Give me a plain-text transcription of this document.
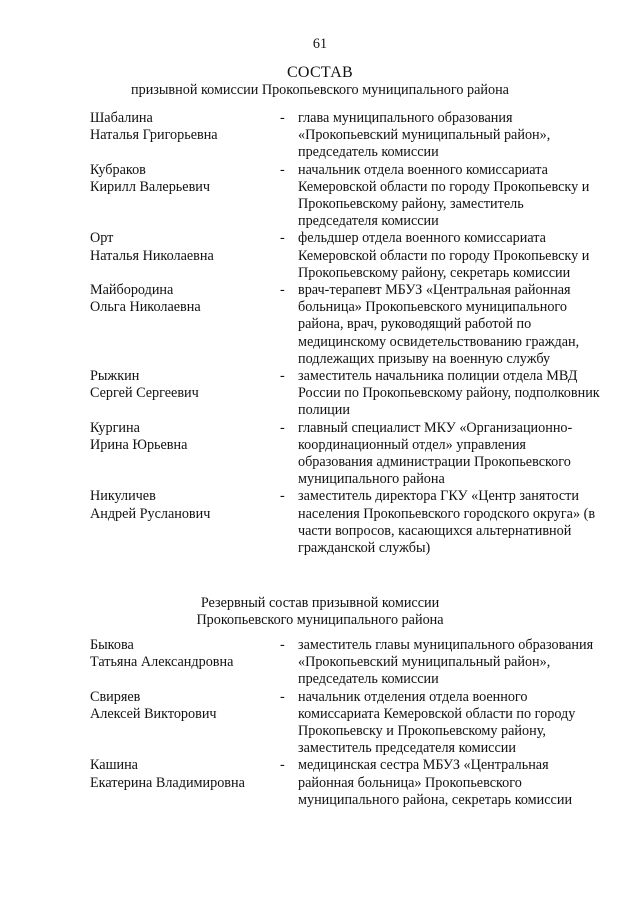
61
СОСТАВ
призывной комиссии Прокопьевского муниципального района
Шабалина
Наталья Григорьевна
- глава муниципального образования «Прокопьевский муниципальный район», председатель комиссии
Кубраков
Кирилл Валерьевич
- начальник отдела военного комиссариата Кемеровской области по городу Прокопьевску и Прокопьевскому району, заместитель председателя комиссии
Орт
Наталья Николаевна
- фельдшер отдела военного комиссариата Кемеровской области по городу Прокопьевску и Прокопьевскому району, секретарь комиссии
Майбородина
Ольга Николаевна
- врач-терапевт МБУЗ «Центральная районная больница» Прокопьевского муниципального района, врач, руководящий работой по медицинскому освидетельствованию граждан, подлежащих призыву на военную службу
Рыжкин
Сергей Сергеевич
- заместитель начальника полиции отдела МВД России по Прокопьевскому району, подполковник полиции
Кургина
Ирина Юрьевна
- главный специалист МКУ «Организационно-координационный отдел» управления образования администрации Прокопьевского муниципального района
Никуличев
Андрей Русланович
- заместитель директора ГКУ «Центр занятости населения Прокопьевского городского округа» (в части вопросов, касающихся альтернативной гражданской службы)
Резервный состав призывной комиссии
Прокопьевского муниципального района
Быкова
Татьяна Александровна
- заместитель главы муниципального образования «Прокопьевский муниципальный район», председатель комиссии
Свиряев
Алексей Викторович
- начальник отделения отдела военного комиссариата Кемеровской области по городу Прокопьевску и Прокопьевскому району, заместитель председателя комиссии
Кашина
Екатерина Владимировна
- медицинская сестра МБУЗ «Центральная районная больница» Прокопьевского муниципального района, секретарь комиссии
